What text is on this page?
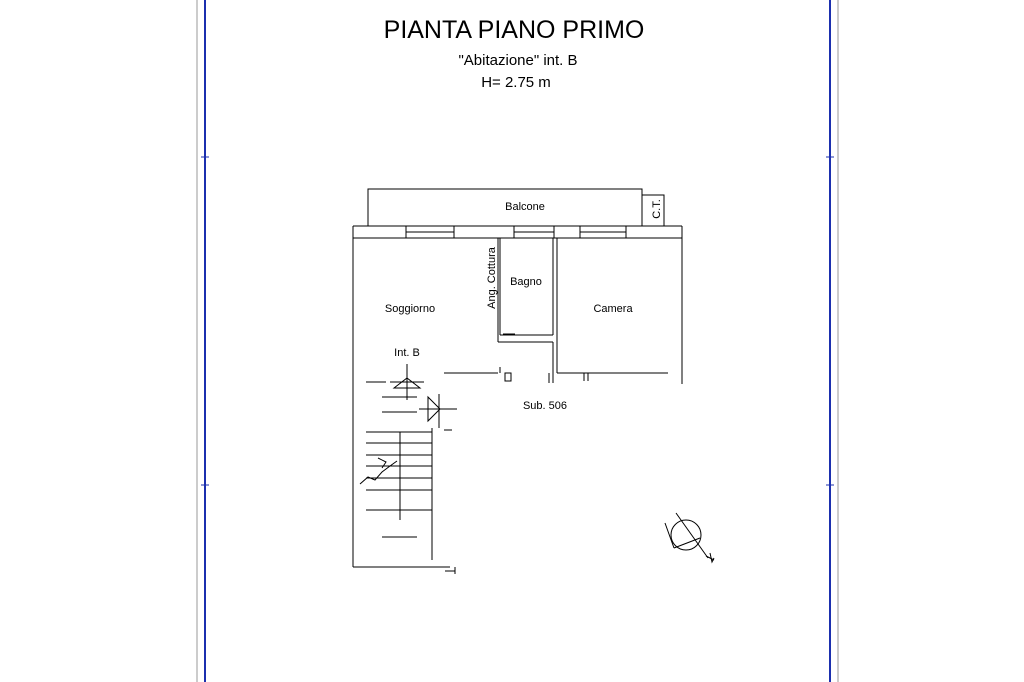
PIANTA PIANO PRIMO
"Abitazione" int. B
H= 2.75 m
Balcone	C.T.
Ang. Cottura Bagno
Soggiorno	Camera
Int. B
Sub. 506
